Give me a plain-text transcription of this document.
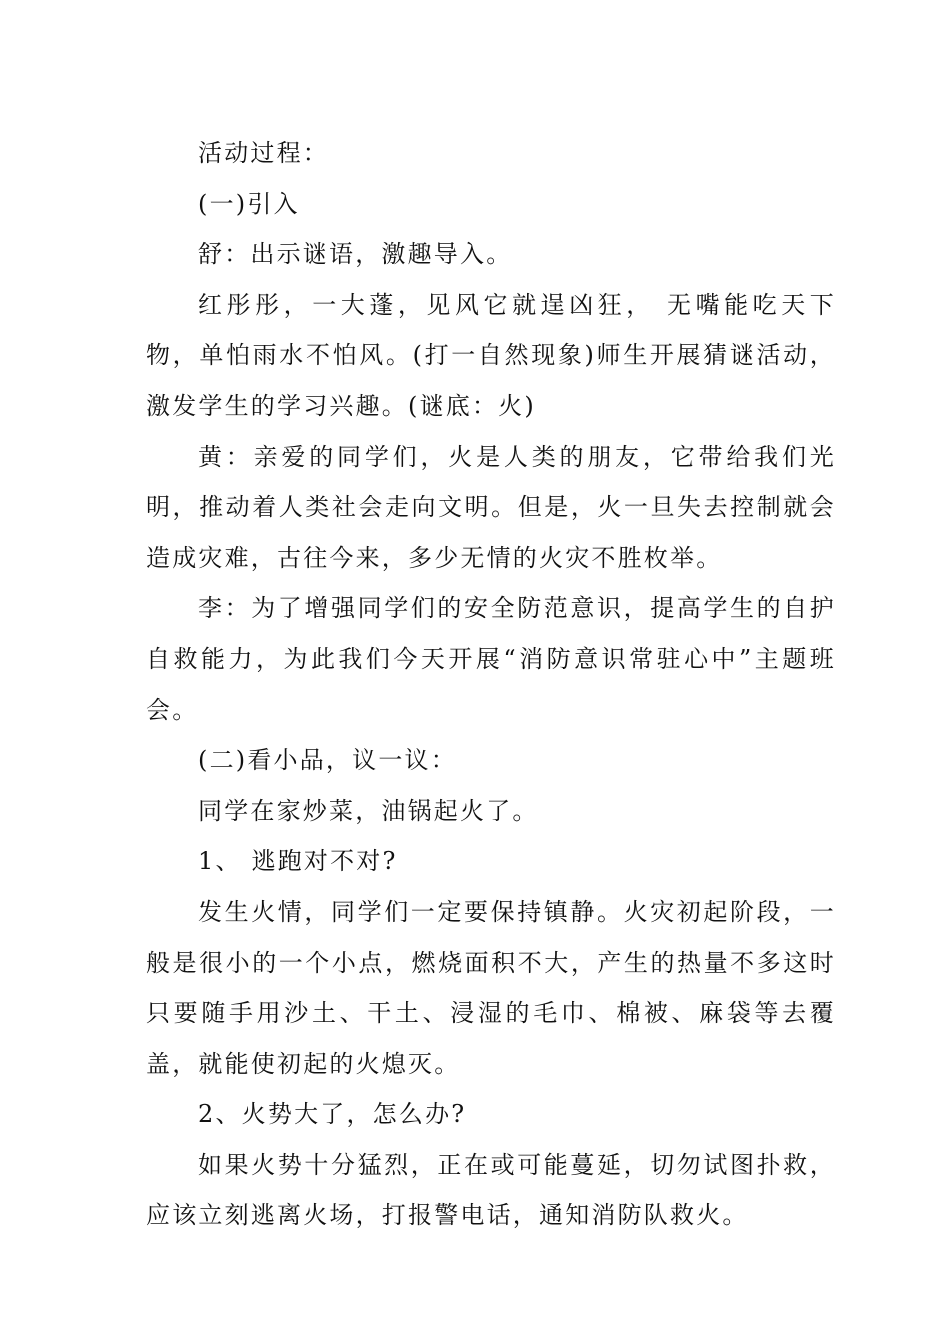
活动过程：

(一)引入

舒：出示谜语，激趣导入。

红彤彤，一大蓬，见风它就逞凶狂， 无嘴能吃天下物，单怕雨水不怕风。(打一自然现象)师生开展猜谜活动，激发学生的学习兴趣。(谜底：火)

黄：亲爱的同学们，火是人类的朋友，它带给我们光明，推动着人类社会走向文明。但是，火一旦失去控制就会造成灾难，古往今来，多少无情的火灾不胜枚举。

李：为了增强同学们的安全防范意识，提高学生的自护自救能力，为此我们今天开展“消防意识常驻心中”主题班会。

(二)看小品，议一议：

同学在家炒菜，油锅起火了。

1、 逃跑对不对?

发生火情，同学们一定要保持镇静。火灾初起阶段，一般是很小的一个小点，燃烧面积不大，产生的热量不多这时只要随手用沙土、干土、浸湿的毛巾、棉被、麻袋等去覆盖，就能使初起的火熄灭。

2、火势大了，怎么办?

如果火势十分猛烈，正在或可能蔓延，切勿试图扑救，应该立刻逃离火场，打报警电话，通知消防队救火。
